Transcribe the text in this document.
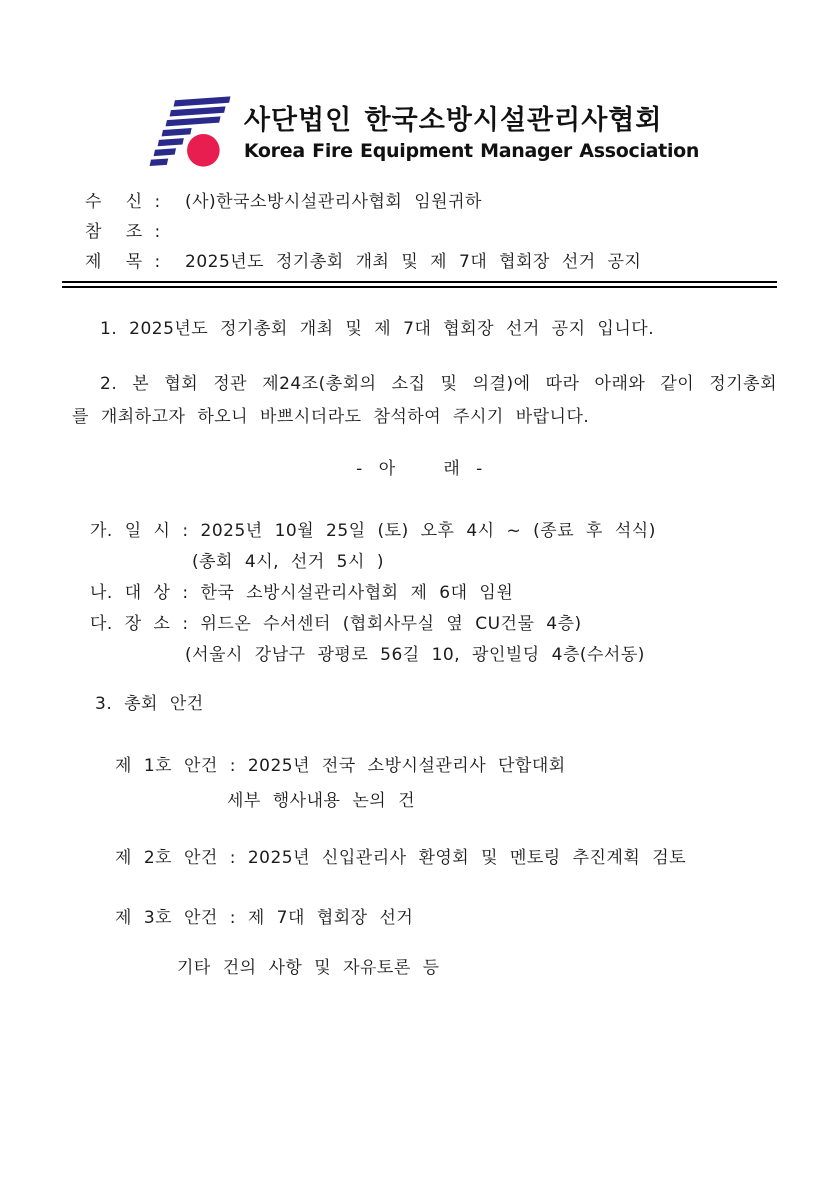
사단법인 한국소방시설관리사협회
Korea Fire Equipment Manager Association
수  신 :	(사)한국소방시설관리사협회 임원귀하
참  조 :
제  목 :	2025년도 정기총회 개최 및 제 7대 협회장 선거 공지
1. 2025년도 정기총회 개최 및 제 7대 협회장 선거 공지 입니다.
2. 본 협회 정관 제24조(총회의 소집 및 의결)에 따라 아래와 같이 정기총회
를 개최하고자 하오니 바쁘시더라도 참석하여 주시기 바랍니다.
- 아   래 -
가. 일 시 : 2025년 10월 25일 (토) 오후 4시 ~ (종료 후 석식)
(총회 4시, 선거 5시 )
나. 대 상 : 한국 소방시설관리사협회 제 6대 임원
다. 장 소 : 위드온 수서센터 (협회사무실 옆 CU건물 4층)
(서울시 강남구 광평로 56길 10, 광인빌딩 4층(수서동)
3. 총회 안건
제 1호 안건 : 2025년 전국 소방시설관리사 단합대회
세부 행사내용 논의 건
제 2호 안건 : 2025년 신입관리사 환영회 및 멘토링 추진계획 검토
제 3호 안건 : 제 7대 협회장 선거
기타 건의 사항 및 자유토론 등
